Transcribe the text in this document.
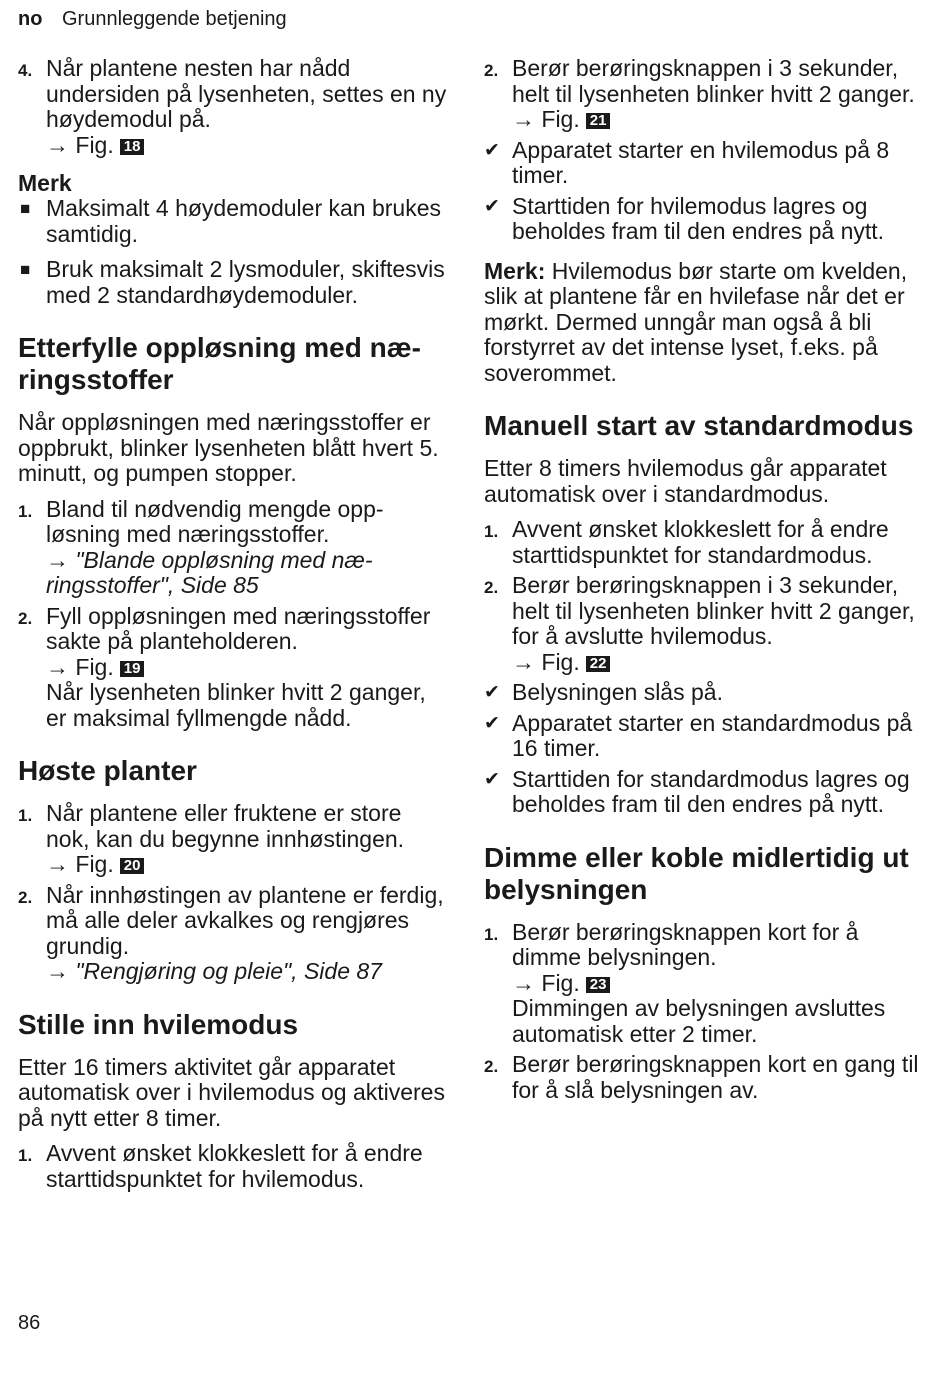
no Grunnleggende betjening
4. Når plantene nesten har nådd undersiden på lysenheten, settes en ny høydemodul på.
→ Fig. 18
Merk
■ Maksimalt 4 høydemoduler kan brukes samtidig.
■ Bruk maksimalt 2 lysmoduler, skiftesvis med 2 standardhøydemoduler.
Etterfylle oppløsning med næringsstoffer
Når oppløsningen med næringsstoffer er oppbrukt, blinker lysenheten blått hvert 5. minutt, og pumpen stopper.
1. Bland til nødvendig mengde oppløsning med næringsstoffer.
→ "Blande oppløsning med næringsstoffer", Side 85
2. Fyll oppløsningen med næringsstoffer sakte på planteholderen.
→ Fig. 19
Når lysenheten blinker hvitt 2 ganger, er maksimal fyllmengde nådd.
Høste planter
1. Når plantene eller fruktene er store nok, kan du begynne innhøstingen.
→ Fig. 20
2. Når innhøstingen av plantene er ferdig, må alle deler avkalkes og rengjøres grundig.
→ "Rengjøring og pleie", Side 87
Stille inn hvilemodus
Etter 16 timers aktivitet går apparatet automatisk over i hvilemodus og aktiveres på nytt etter 8 timer.
1. Avvent ønsket klokkeslett for å endre starttidspunktet for hvilemodus.
2. Berør berøringsknappen i 3 sekunder, helt til lysenheten blinker hvitt 2 ganger.
→ Fig. 21
✔ Apparatet starter en hvilemodus på 8 timer.
✔ Starttiden for hvilemodus lagres og beholdes fram til den endres på nytt.
Merk: Hvilemodus bør starte om kvelden, slik at plantene får en hvilefase når det er mørkt. Dermed unngår man også å bli forstyrret av det intense lyset, f.eks. på soverommet.
Manuell start av standardmodus
Etter 8 timers hvilemodus går apparatet automatisk over i standardmodus.
1. Avvent ønsket klokkeslett for å endre starttidspunktet for standardmodus.
2. Berør berøringsknappen i 3 sekunder, helt til lysenheten blinker hvitt 2 ganger, for å avslutte hvilemodus.
→ Fig. 22
✔ Belysningen slås på.
✔ Apparatet starter en standardmodus på 16 timer.
✔ Starttiden for standardmodus lagres og beholdes fram til den endres på nytt.
Dimme eller koble midlertidig ut belysningen
1. Berør berøringsknappen kort for å dimme belysningen.
→ Fig. 23
Dimmingen av belysningen avsluttes automatisk etter 2 timer.
2. Berør berøringsknappen kort en gang til for å slå belysningen av.
86
